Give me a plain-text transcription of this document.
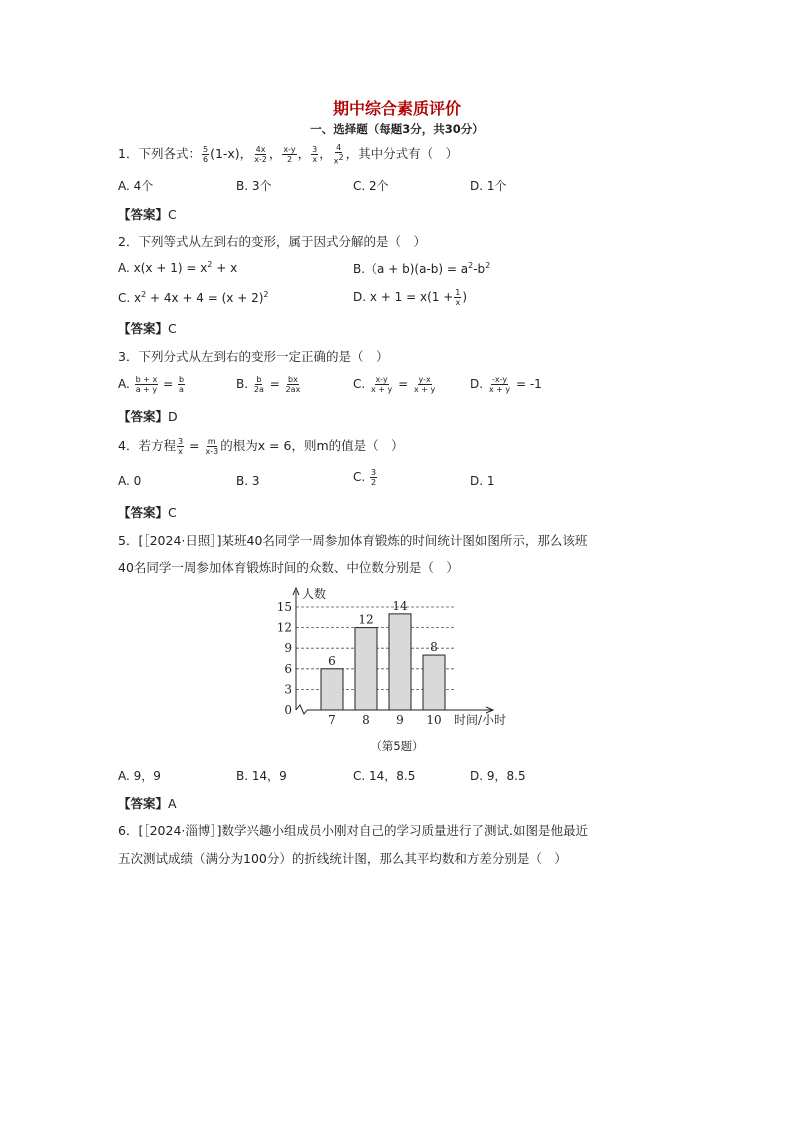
期中综合素质评价
一、选择题（每题3分，共30分）
1．下列各式： $\frac{5}{6} (1-x)$， $\frac{4x}{x-2}$ ， $\frac{x-y}{2}$ ， $\frac{3}{x}$ ， $\frac{4}{x^2}$ ，其中分式有（　）
A. 4个	B. 3个	C. 2个	D. 1个
【答案】C
2．下列等式从左到右的变形，属于因式分解的是（　）
A. $x(x + 1) = x^2 + x$	$B.(a + b)(a-b) = a^2-b^2$
C. $x^2 + 4x + 4 = (x + 2)^2$	D. $x + 1 = x(1 + \frac{1}{x}$ )
【答案】C
3．下列分式从左到右的变形一定正确的是（　）
A. $\frac{b + x}{a + y} = \frac{b}{a}$	B. $\frac{b}{2a} = \frac{bx}{2ax}$	C. $\frac{x-y}{x + y} = \frac{y-x}{x + y}$	D. $\frac{-x-y}{x + y} = -1$
【答案】D
4．若方程 $\frac{3}{x} = \frac{m}{x-3}$ 的根为x = 6，则m的值是（　）
A. 0	B. 3	C. $\frac{3}{2}$	D. 1
【答案】C
5．[［2024·日照］]某班40名同学一周参加体育锻炼的时间统计图如图所示，那么该班
40名同学一周参加体育锻炼时间的众数、中位数分别是（　）
0
3
6
9
12
15
6
7
12
8
14
9
8
10
人数
时间/小时
（第5题）
A. 9，9	B. 14，9	C. 14，8.5	D. 9，8.5
【答案】A
6．[［2024·淄博］]数学兴趣小组成员小刚对自己的学习质量进行了测试.如图是他最近
五次测试成绩（满分为100分）的折线统计图，那么其平均数和方差分别是（　）
